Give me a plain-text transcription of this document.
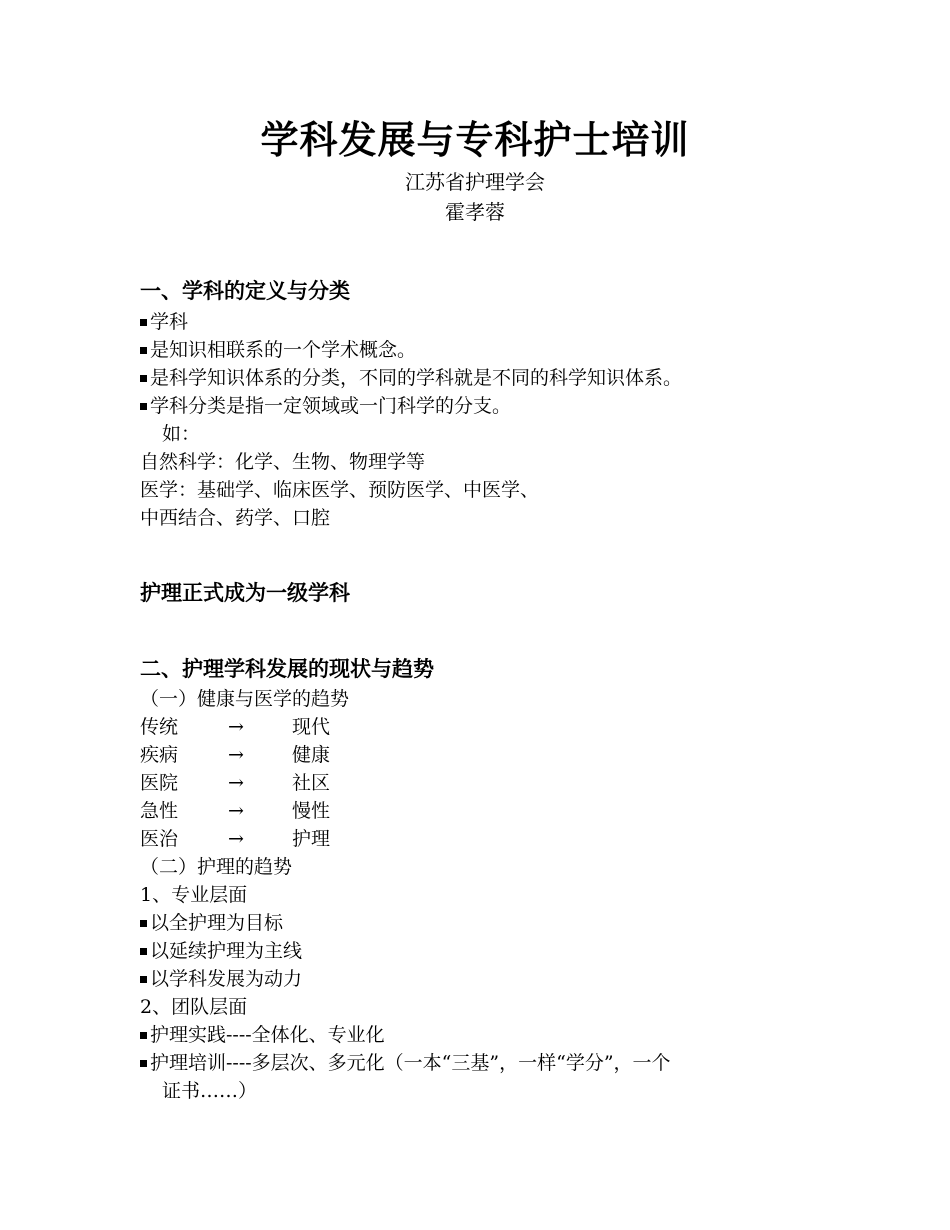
学科发展与专科护士培训

江苏省护理学会

霍孝蓉

一、学科的定义与分类

学科

是知识相联系的一个学术概念。

是科学知识体系的分类，不同的学科就是不同的科学知识体系。

学科分类是指一定领域或一门科学的分支。

如：

自然科学：化学、生物、物理学等

医学：基础学、临床医学、预防医学、中医学、

中西结合、药学、口腔

护理正式成为一级学科
二、护理学科发展的现状与趋势

（一）健康与医学的趋势

传统	→	现代
疾病	→	健康
医院	→	社区
急性	→	慢性
医治	→	护理

（二）护理的趋势

1、专业层面

以全护理为目标

以延续护理为主线

以学科发展为动力

2、团队层面

护理实践----全体化、专业化

护理培训----多层次、多元化（一本“三基”，一样“学分”，一个

证书……）
